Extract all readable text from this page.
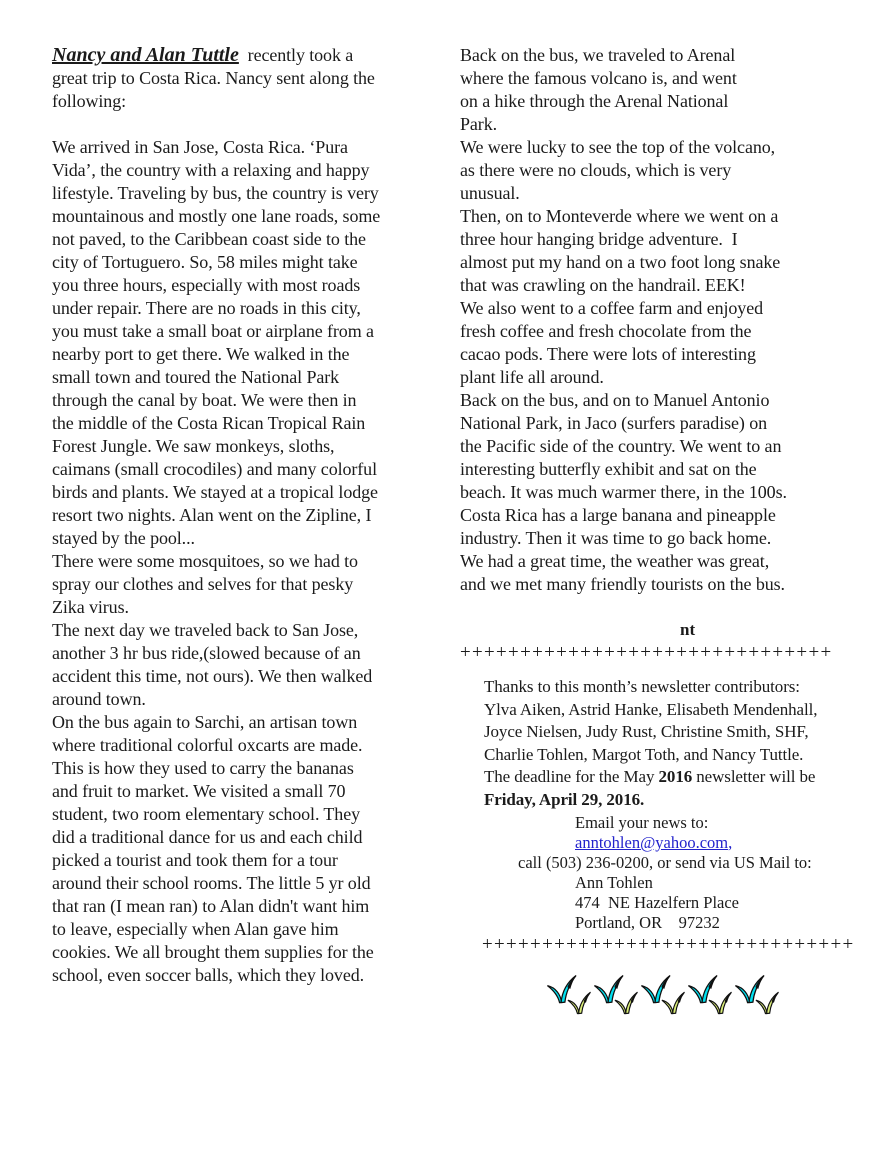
Nancy and Alan Tuttle  recently took a
great trip to Costa Rica. Nancy sent along the
following:
We arrived in San Jose, Costa Rica. ‘Pura
Vida’, the country with a relaxing and happy
lifestyle. Traveling by bus, the country is very
mountainous and mostly one lane roads, some
not paved, to the Caribbean coast side to the
city of Tortuguero. So, 58 miles might take
you three hours, especially with most roads
under repair. There are no roads in this city,
you must take a small boat or airplane from a
nearby port to get there. We walked in the
small town and toured the National Park
through the canal by boat. We were then in
the middle of the Costa Rican Tropical Rain
Forest Jungle. We saw monkeys, sloths,
caimans (small crocodiles) and many colorful
birds and plants. We stayed at a tropical lodge
resort two nights. Alan went on the Zipline, I
stayed by the pool...
There were some mosquitoes, so we had to
spray our clothes and selves for that pesky
Zika virus.
The next day we traveled back to San Jose,
another 3 hr bus ride,(slowed because of an
accident this time, not ours). We then walked
around town.
On the bus again to Sarchi, an artisan town
where traditional colorful oxcarts are made.
This is how they used to carry the bananas
and fruit to market. We visited a small 70
student, two room elementary school. They
did a traditional dance for us and each child
picked a tourist and took them for a tour
around their school rooms. The little 5 yr old
that ran (I mean ran) to Alan didn't want him
to leave, especially when Alan gave him
cookies. We all brought them supplies for the
school, even soccer balls, which they loved.
Back on the bus, we traveled to Arenal
where the famous volcano is, and went
on a hike through the Arenal National
Park.
We were lucky to see the top of the volcano,
as there were no clouds, which is very
unusual.
Then, on to Monteverde where we went on a
three hour hanging bridge adventure.  I
almost put my hand on a two foot long snake
that was crawling on the handrail. EEK!
We also went to a coffee farm and enjoyed
fresh coffee and fresh chocolate from the
cacao pods. There were lots of interesting
plant life all around.
Back on the bus, and on to Manuel Antonio
National Park, in Jaco (surfers paradise) on
the Pacific side of the country. We went to an
interesting butterfly exhibit and sat on the
beach. It was much warmer there, in the 100s.
Costa Rica has a large banana and pineapple
industry. Then it was time to go back home.
We had a great time, the weather was great,
and we met many friendly tourists on the bus.
nt
+++++++++++++++++++++++++++++++
Thanks to this month’s newsletter contributors:
Ylva Aiken, Astrid Hanke, Elisabeth Mendenhall,
Joyce Nielsen, Judy Rust, Christine Smith, SHF,
Charlie Tohlen, Margot Toth, and Nancy Tuttle.
The deadline for the May 2016 newsletter will be
Friday, April 29, 2016.
Email your news to:
anntohlen@yahoo.com,
call (503) 236-0200, or send via US Mail to:
Ann Tohlen
474  NE Hazelfern Place
Portland, OR    97232
+++++++++++++++++++++++++++++++
